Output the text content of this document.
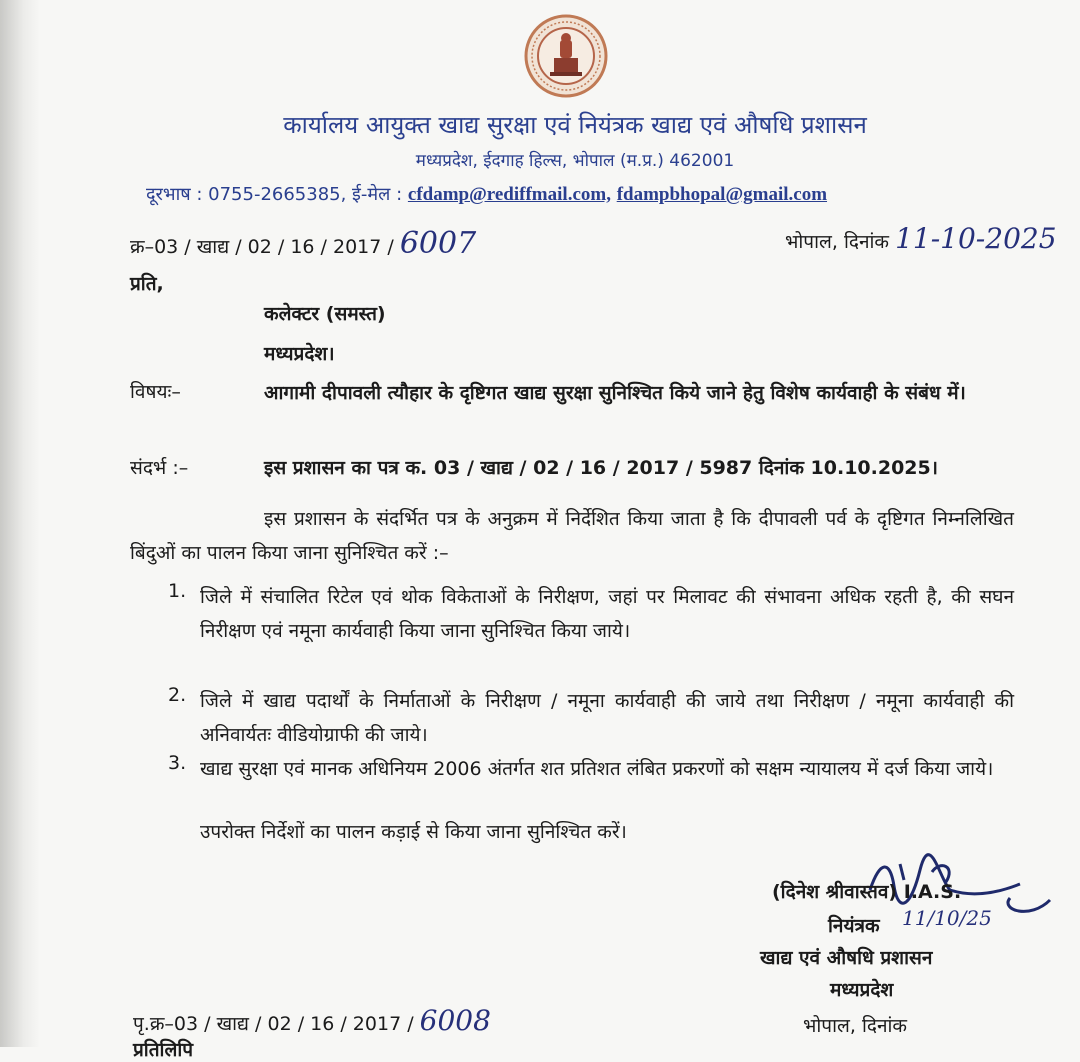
कार्यालय आयुक्त खाद्य सुरक्षा एवं नियंत्रक खाद्य एवं औषधि प्रशासन
मध्यप्रदेश, ईदगाह हिल्स, भोपाल (म.प्र.) 462001
दूरभाष : 0755-2665385, ई-मेल : cfdamp@rediffmail.com, fdampbhopal@gmail.com
क्र–03 / खाद्य / 02 / 16 / 2017 / 6007	भोपाल, दिनांक 11-10-2025
प्रति,
कलेक्टर (समस्त)
मध्यप्रदेश।
विषयः–	आगामी दीपावली त्यौहार के दृष्टिगत खाद्य सुरक्षा सुनिश्चित किये जाने हेतु विशेष कार्यवाही के संबंध में।
संदर्भ :–	इस प्रशासन का पत्र क. 03 / खाद्य / 02 / 16 / 2017 / 5987 दिनांक 10.10.2025।
इस प्रशासन के संदर्भित पत्र के अनुक्रम में निर्देशित किया जाता है कि दीपावली पर्व के दृष्टिगत निम्नलिखित बिंदुओं का पालन किया जाना सुनिश्चित करें :–
1. जिले में संचालित रिटेल एवं थोक विकेताओं के निरीक्षण, जहां पर मिलावट की संभावना अधिक रहती है, की सघन निरीक्षण एवं नमूना कार्यवाही किया जाना सुनिश्चित किया जाये।
2. जिले में खाद्य पदार्थों के निर्माताओं के निरीक्षण / नमूना कार्यवाही की जाये तथा निरीक्षण / नमूना कार्यवाही की अनिवार्यतः वीडियोग्राफी की जाये।
3. खाद्य सुरक्षा एवं मानक अधिनियम 2006 अंतर्गत शत प्रतिशत लंबित प्रकरणों को सक्षम न्यायालय में दर्ज किया जाये।
उपरोक्त निर्देशों का पालन कड़ाई से किया जाना सुनिश्चित करें।
(दिनेश श्रीवास्तव) I.A.S.
11/10/25
नियंत्रक
खाद्य एवं औषधि प्रशासन
मध्यप्रदेश
पृ.क्र–03 / खाद्य / 02 / 16 / 2017 / 6008	भोपाल, दिनांक
प्रतिलिपि
